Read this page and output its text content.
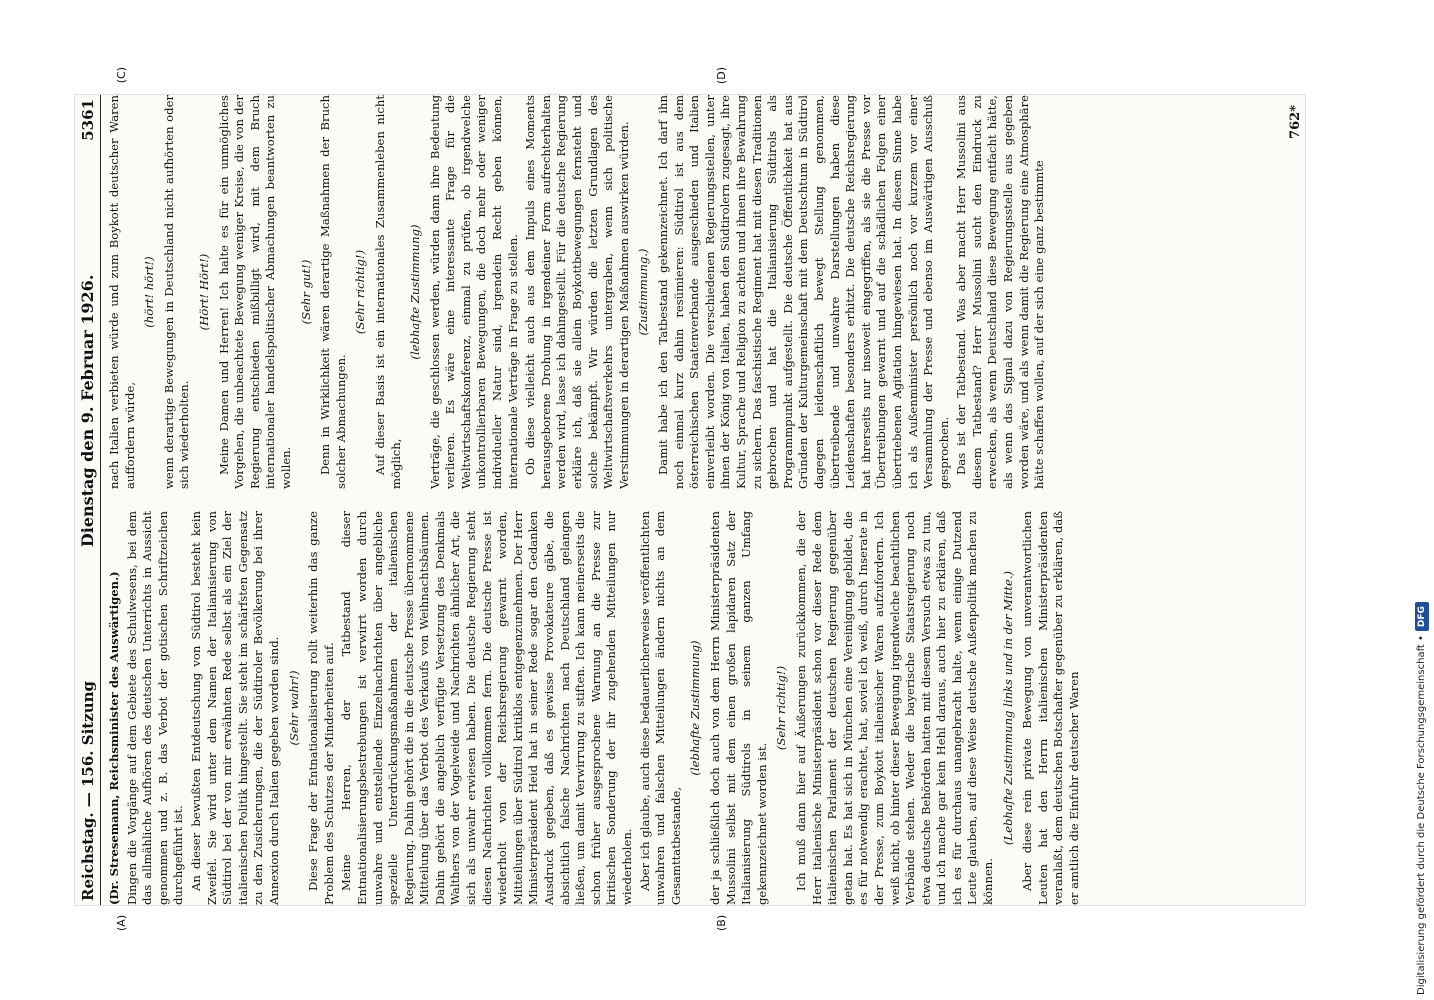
Reichstag. — 156. Sitzung
Dienstag den 9. Februar 1926.
5361
(A)	(B)
(C)	(D)

(Dr. Stresemann, Reichsminister des Auswärtigen.) Dingen die Vorgänge auf dem Gebiete des Schulwesens, bei dem das allmähliche Aufhören des deutschen Unterrichts in Aussicht genommen und z. B. das Verbot der gotischen Schriftzeichen durchgeführt ist. An dieser bewußten Entdeutschung von Südtirol besteht kein Zweifel. Sie wird unter dem Namen der Italianisierung von Südtirol bei der von mir erwähnten Rede selbst als ein Ziel der italienischen Politik hingestellt. Sie steht im schärfsten Gegensatz zu den Zusicherungen, die der Südtiroler Bevölkerung bei ihrer Annexion durch Italien gegeben worden sind. (Sehr wahr!) Diese Frage der Entnationalisierung rollt weiterhin das ganze Problem des Schutzes der Minderheiten auf. Meine Herren, der Tatbestand dieser Entnationalisierungsbestrebungen ist verwirrt worden durch unwahre und entstellende Einzelnachrichten über angebliche spezielle Unterdrückungsmaßnahmen der italienischen Regierung. Dahin gehört die in die deutsche Presse übernommene Mitteilung über das Verbot des Verkaufs von Weihnachtsbäumen. Dahin gehört die angeblich verfügte Versetzung des Denkmals Walthers von der Vogelweide und Nachrichten ähnlicher Art, die sich als unwahr erwiesen haben. Die deutsche Regierung steht diesen Nachrichten vollkommen fern. Die deutsche Presse ist wiederholt von der Reichsregierung gewarnt worden, Mitteilungen über Südtirol kritiklos entgegenzunehmen. Der Herr Ministerpräsident Heid hat in seiner Rede sogar den Gedanken Ausdruck gegeben, daß es gewisse Provokateure gäbe, die absichtlich falsche Nachrichten nach Deutschland gelangen ließen, um damit Verwirrung zu stiften. Ich kann meinerseits die schon früher ausgesprochene Warnung an die Presse zur kritischen Sonderung der ihr zugehenden Mitteilungen nur wiederholen. Aber ich glaube, auch diese bedauerlicherweise veröffentlichten unwahren und falschen Mitteilungen ändern nichts an dem Gesamttatbestande,

(lebhafte Zustimmung) der ja schließlich doch auch von dem Herrn Ministerpräsidenten Mussolini selbst mit dem einen großen lapidaren Satz der Italianisierung Südtirols in seinem ganzen Umfang gekennzeichnet worden ist.

(Sehr richtig!) Ich muß dann hier auf Äußerungen zurückkommen, die der Herr italienische Ministerpräsident schon vor dieser Rede dem italienischen Parlament der deutschen Regierung gegenüber getan hat. Es hat sich in München eine Vereinigung gebildet, die es für notwendig erachtet, hat, soviel ich weiß, durch Inserate in der Presse, zum Boykott italienischer Waren aufzufordern. Ich weiß nicht, ob hinter dieser Bewegung irgendwelche beachtlichen Verbände stehen. Weder die bayerische Staatsregierung noch etwa deutsche Behörden hatten mit diesem Versuch etwas zu tun, und ich mache gar kein Hehl daraus, auch hier zu erklären, daß ich es für durchaus unangebracht halte, wenn einige Dutzend Leute glauben, auf diese Weise deutsche Außenpolitik machen zu können.

(Lebhafte Zustimmung links und in der Mitte.) Aber diese rein private Bewegung von unverantwortlichen Leuten hat den Herrn italienischen Ministerpräsidenten veranlaßt, dem deutschen Botschafter gegenüber zu erklären, daß er amtlich die Einfuhr deutscher Waren

nach Italien verbieten würde und zum Boykott deutscher Waren auffordern würde,

(hört! hört!) wenn derartige Bewegungen in Deutschland nicht aufhörten oder sich wiederholten.

(Hört! Hört!) Meine Damen und Herren! Ich halte es für ein unmögliches Vorgehen, die unbeachtete Bewegung weniger Kreise, die von der Regierung entschieden mißbilligt wird, mit dem Bruch internationaler handelspolitischer Abmachungen beantworten zu wollen.

(Sehr gut!) Denn in Wirklichkeit wären derartige Maßnahmen der Bruch solcher Abmachungen.

(Sehr richtig!) Auf dieser Basis ist ein internationales Zusammenleben nicht möglich,

(lebhafte Zustimmung) Verträge, die geschlossen werden, würden dann ihre Bedeutung verlieren. Es wäre eine interessante Frage für die Weltwirtschaftskonferenz, einmal zu prüfen, ob irgendwelche unkontrollierbaren Bewegungen, die doch mehr oder weniger individueller Natur sind, irgendein Recht geben können, internationale Verträge in Frage zu stellen. Ob diese vielleicht auch aus dem Impuls eines Moments herausgeborene Drohung in irgendeiner Form aufrechterhalten werden wird, lasse ich dahingestellt. Für die deutsche Regierung erkläre ich, daß sie allein Boykottbewegungen fernsteht und solche bekämpft. Wir würden die letzten Grundlagen des Weltwirtschaftsverkehrs untergraben, wenn sich politische Verstimmungen in derartigen Maßnahmen auswirken würden. (Zustimmung.) Damit habe ich den Tatbestand gekennzeichnet. Ich darf ihn noch einmal kurz dahin resümieren: Südtirol ist aus dem österreichischen Staatenverbande ausgeschieden und Italien einverleibt worden. Die verschiedenen Regierungsstellen, unter ihnen der König von Italien, haben den Südtirolern zugesagt, ihre Kultur, Sprache und Religion zu achten und ihnen ihre Bewahrung zu sichern. Das faschistische Regiment hat mit diesen Traditionen gebrochen und hat die Italianisierung Südtirols als Programmpunkt aufgestellt. Die deutsche Öffentlichkeit hat aus Gründen der Kulturgemeinschaft mit dem Deutschtum in Südtirol dagegen leidenschaftlich bewegt Stellung genommen, übertreibende und unwahre Darstellungen haben diese Leidenschaften besonders erhitzt. Die deutsche Reichsregierung hat ihrerseits nur insoweit eingegriffen, als sie die Presse vor Übertreibungen gewarnt und auf die schädlichen Folgen einer übertriebenen Agitation hingewiesen hat. In diesem Sinne habe ich als Außenminister persönlich noch vor kurzem vor einer Versammlung der Presse und ebenso im Auswärtigen Ausschuß gesprochen. Das ist der Tatbestand. Was aber macht Herr Mussolini aus diesem Tatbestand? Herr Mussolini sucht den Eindruck zu erwecken, als wenn Deutschland diese Bewegung entfacht hätte, als wenn das Signal dazu von Regierungsstelle aus gegeben worden wäre, und als wenn damit die Regierung eine Atmosphäre hätte schaffen wollen, auf der sich eine ganz bestimmte

762*
Digitalisierung gefördert durch die Deutsche Forschungsgemeinschaft •
DFG
